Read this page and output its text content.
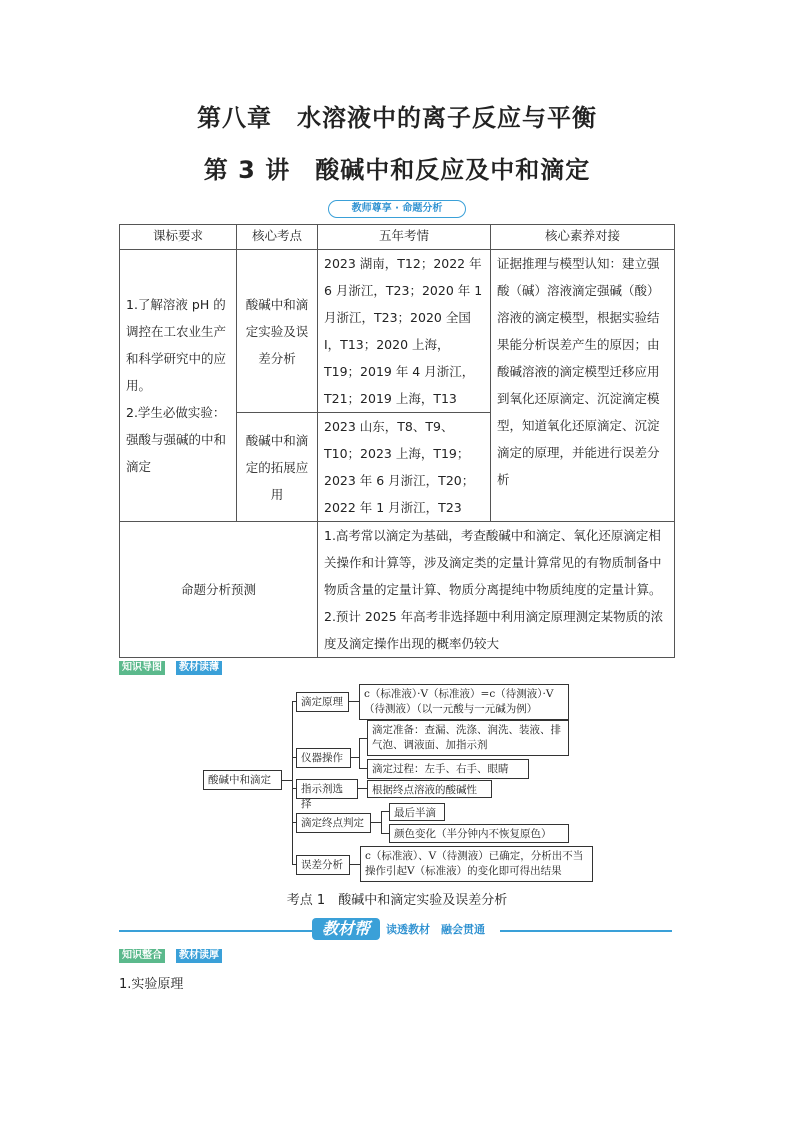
第八章　水溶液中的离子反应与平衡
第 3 讲　酸碱中和反应及中和滴定
教师尊享 · 命题分析
课标要求	核心考点	五年考情	核心素养对接
1.了解溶液 pH 的调控在工农业生产和科学研究中的应用。
2.学生必做实验：强酸与强碱的中和滴定	酸碱中和滴定实验及误差分析	2023 湖南，T12；2022 年 6 月浙江，T23；2020 年 1 月浙江，T23；2020 全国Ⅰ，T13；2020 上海，T19；2019 年 4 月浙江，T21；2019 上海，T13	证据推理与模型认知：建立强酸（碱）溶液滴定强碱（酸）溶液的滴定模型，根据实验结果能分析误差产生的原因；由酸碱溶液的滴定模型迁移应用到氧化还原滴定、沉淀滴定模型，知道氧化还原滴定、沉淀滴定的原理，并能进行误差分析
	酸碱中和滴定的拓展应用	2023 山东，T8、T9、T10；2023 上海，T19；2023 年 6 月浙江，T20；2022 年 1 月浙江，T23	
命题分析预测		1.高考常以滴定为基础，考查酸碱中和滴定、氧化还原滴定相关操作和计算等，涉及滴定类的定量计算常见的有物质制备中物质含量的定量计算、物质分离提纯中物质纯度的定量计算。
2.预计 2025 年高考非选择题中利用滴定原理测定某物质的浓度及滴定操作出现的概率仍较大	
知识导图	教材读薄
酸碱中和滴定
滴定原理
c（标准液）·V（标准液）=c（待测液）·V（待测液）（以一元酸与一元碱为例）
仪器操作
滴定准备：查漏、洗涤、润洗、装液、排气泡、调液面、加指示剂
滴定过程：左手、右手、眼睛
指示剂选择
根据终点溶液的酸碱性
滴定终点判定
最后半滴
颜色变化（半分钟内不恢复原色）
误差分析
c（标准液）、V（待测液）已确定，分析出不当操作引起V（标准液）的变化即可得出结果
考点 1　酸碱中和滴定实验及误差分析
教材帮	读透教材　融会贯通
知识整合	教材读厚
1.实验原理
